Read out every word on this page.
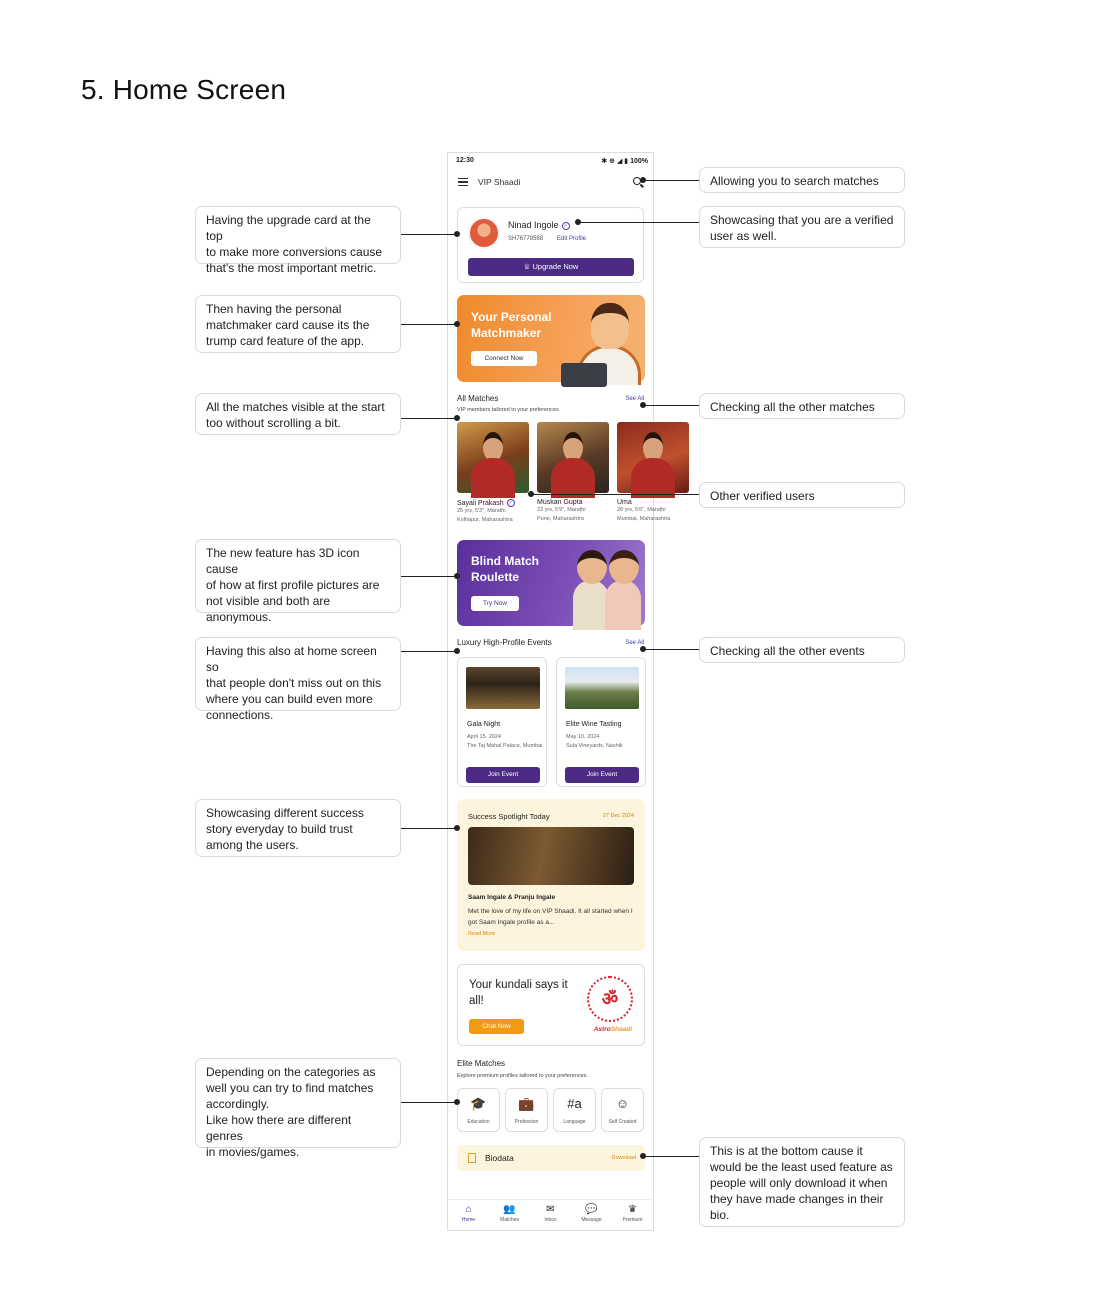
5. Home Screen
12:30	✱ ⊕ ◢ ▮ 100%
VIP Shaadi
Ninad Ingole ✓
SH76779568 Edit Profile
♕ Upgrade Now
Your Personal Matchmaker
Connect Now
All Matches	See All
VIP members tailored to your preferences
Sayali Prakash ✓
25 yrs, 5'3", Marathi
Kolhapur, Maharashtra
Muskan Gupta
23 yrs, 5'9", Marathi
Pune, Maharashtra
Uma
28 yrs, 5'6", Marathi
Mumbai, Maharashtra
Blind Match Roulette
Try Now
Luxury High-Profile Events	See All
Gala Night
April 15, 2024
The Taj Mahal Palace, Mumbai
Join Event
Elite Wine Tasting
May 10, 2024
Sula Vineyards, Nashik
Join Event
Success Spotlight Today	27 Dec 2024
Saam Ingale & Pranju Ingale
Met the love of my life on VIP Shaadi. It all started when I got Saam Ingale profile as a...
Read More
Your kundali says it all!
Chat Now
ॐ
AstroShaadi
Elite Matches
Explore premium profiles tailored to your preferences.
🎓
Education
💼
Profession
#a
Language
☺
Self Created
Biodata	Download
⌂
Home
👥
Matches
✉
Inbox
💬
Message
♛
Premium
Allowing you to search matches
Showcasing that you are a verified
user as well.
Checking all the other matches
Other verified users
Checking all the other events
This is at the bottom cause it
would be the least used feature as
people will only download it when
they have made changes in their
bio.
Having the upgrade card at the top
to make more conversions cause
that's the most important metric.
Then having the personal
matchmaker card cause its the
trump card feature of the app.
All the matches visible at the start
too without scrolling a bit.
The new feature has 3D icon cause
of how at first profile pictures are
not visible and both are
anonymous.
Having this also at home screen so
that people don't miss out on this
where you can build even more
connections.
Showcasing different success
story everyday to build trust
among the users.
Depending on the categories as
well you can try to find matches
accordingly.
Like how there are different genres
in movies/games.
